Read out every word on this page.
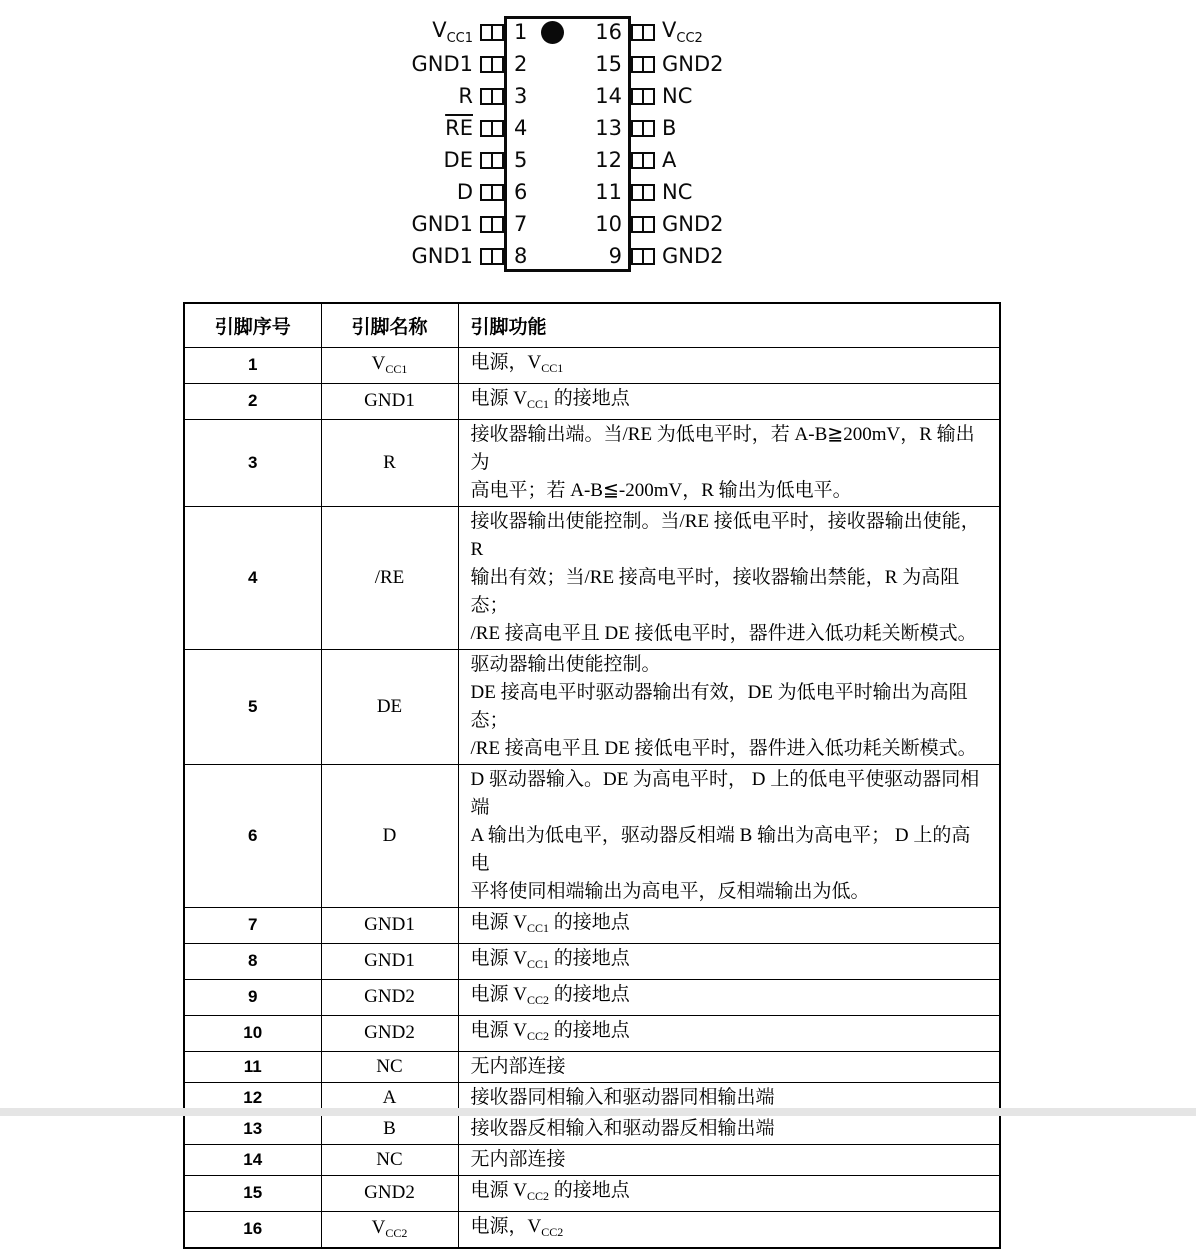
$V_{CC1}$	1	16	$V_{CC2}$
GND1	2	15	GND2
R	3	14	NC
$\overline{RE}$	4	13	B
DE	5	12	A
D	6	11	NC
GND1	7	10	GND2
GND1	8	9	GND2
引脚序号	引脚名称	引脚功能
1	$V_{CC1}$	电源，$V_{CC1}$
2	GND1	电源 $V_{CC1}$ 的接地点
3	R	接收器输出端。当/RE 为低电平时，若 A-B≧200mV，R 输出为
高电平；若 A-B≦-200mV，R 输出为低电平。
4	/RE	接收器输出使能控制。当/RE 接低电平时，接收器输出使能，R
输出有效；当/RE 接高电平时，接收器输出禁能，R 为高阻态；
/RE 接高电平且 DE 接低电平时，器件进入低功耗关断模式。
5	DE	驱动器输出使能控制。
DE 接高电平时驱动器输出有效，DE 为低电平时输出为高阻态；
/RE 接高电平且 DE 接低电平时，器件进入低功耗关断模式。
6	D	D 驱动器输入。DE 为高电平时， D 上的低电平使驱动器同相端
A 输出为低电平，驱动器反相端 B 输出为高电平； D 上的高电
平将使同相端输出为高电平，反相端输出为低。
7	GND1	电源 $V_{CC1}$ 的接地点
8	GND1	电源 $V_{CC1}$ 的接地点
9	GND2	电源 $V_{CC2}$ 的接地点
10	GND2	电源 $V_{CC2}$ 的接地点
11	NC	无内部连接
12	A	接收器同相输入和驱动器同相输出端
13	B	接收器反相输入和驱动器反相输出端
14	NC	无内部连接
15	GND2	电源 $V_{CC2}$ 的接地点
16	$V_{CC2}$	电源，$V_{CC2}$
